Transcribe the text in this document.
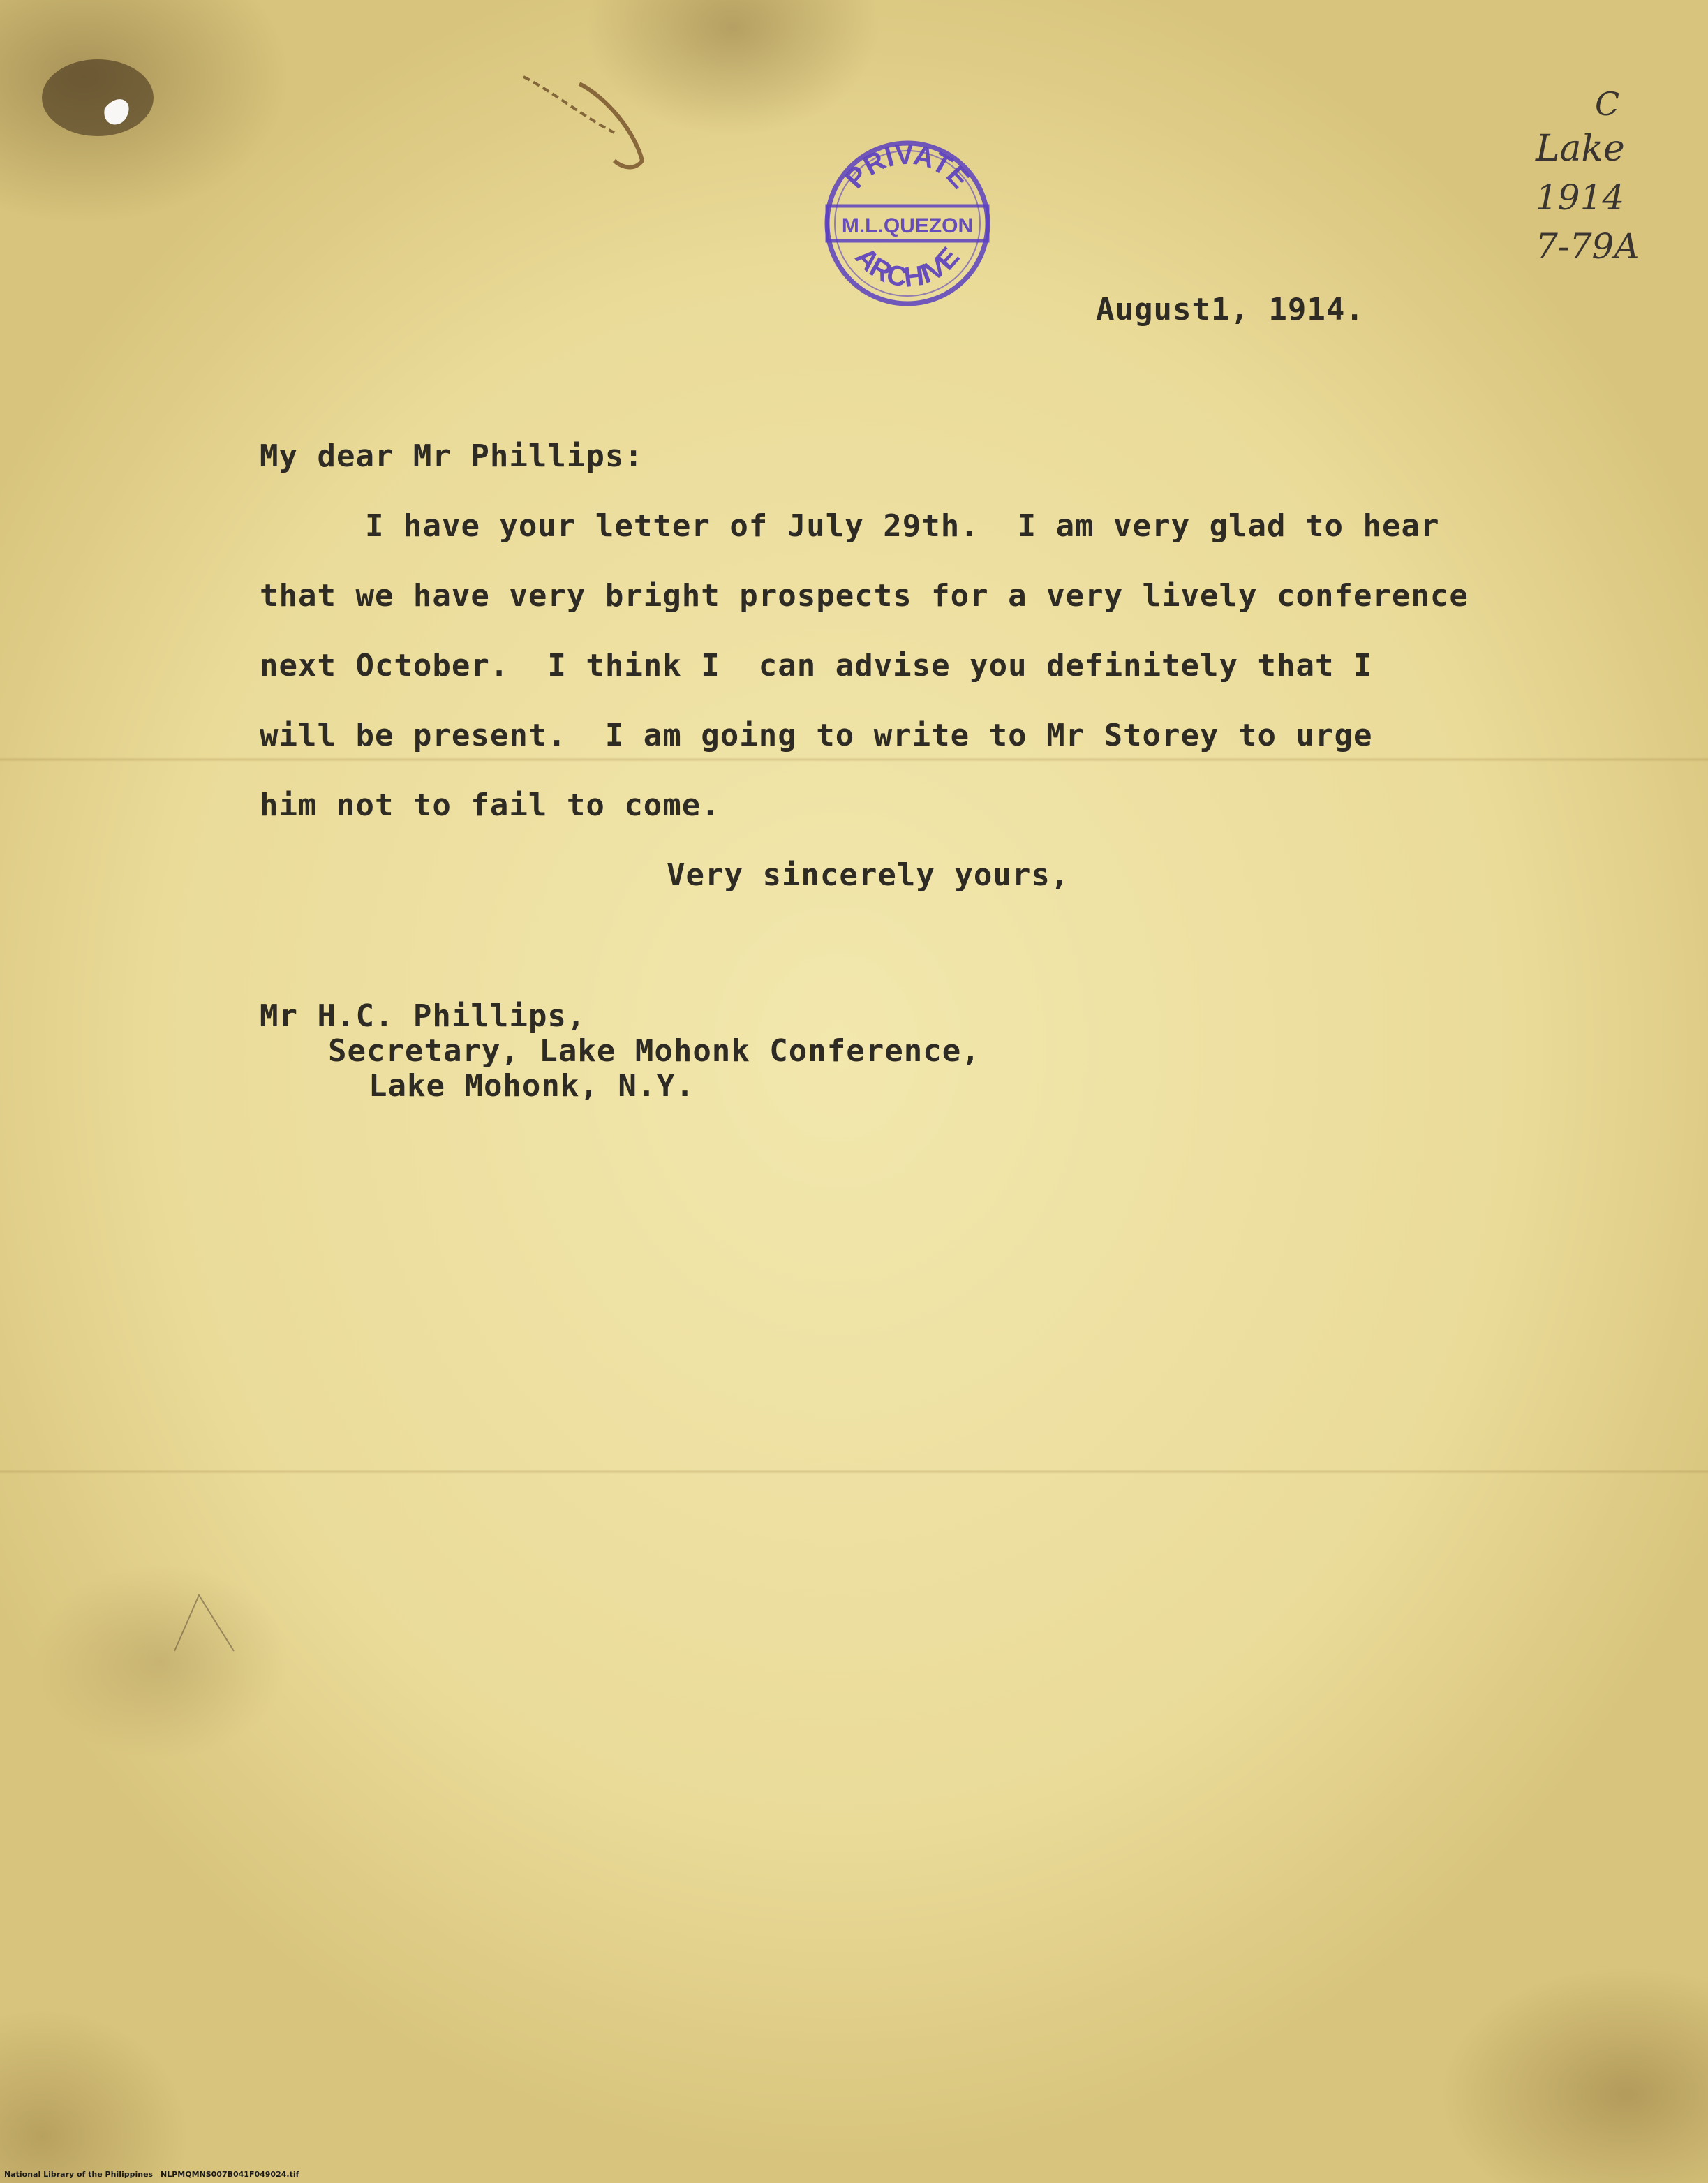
PRIVATE
M.L.QUEZON
ARCHIVE
C
Lake
1914
7-79A
August1, 1914.
My dear Mr Phillips:
I have your letter of July 29th.  I am very glad to hear
that we have very bright prospects for a very lively conference
next October.  I think I  can advise you definitely that I
will be present.  I am going to write to Mr Storey to urge
him not to fail to come.
Very sincerely yours,
Mr H.C. Phillips,
Secretary, Lake Mohonk Conference,
Lake Mohonk, N.Y.
National Library of the Philippines NLPMQMNS007B041F049024.tif
